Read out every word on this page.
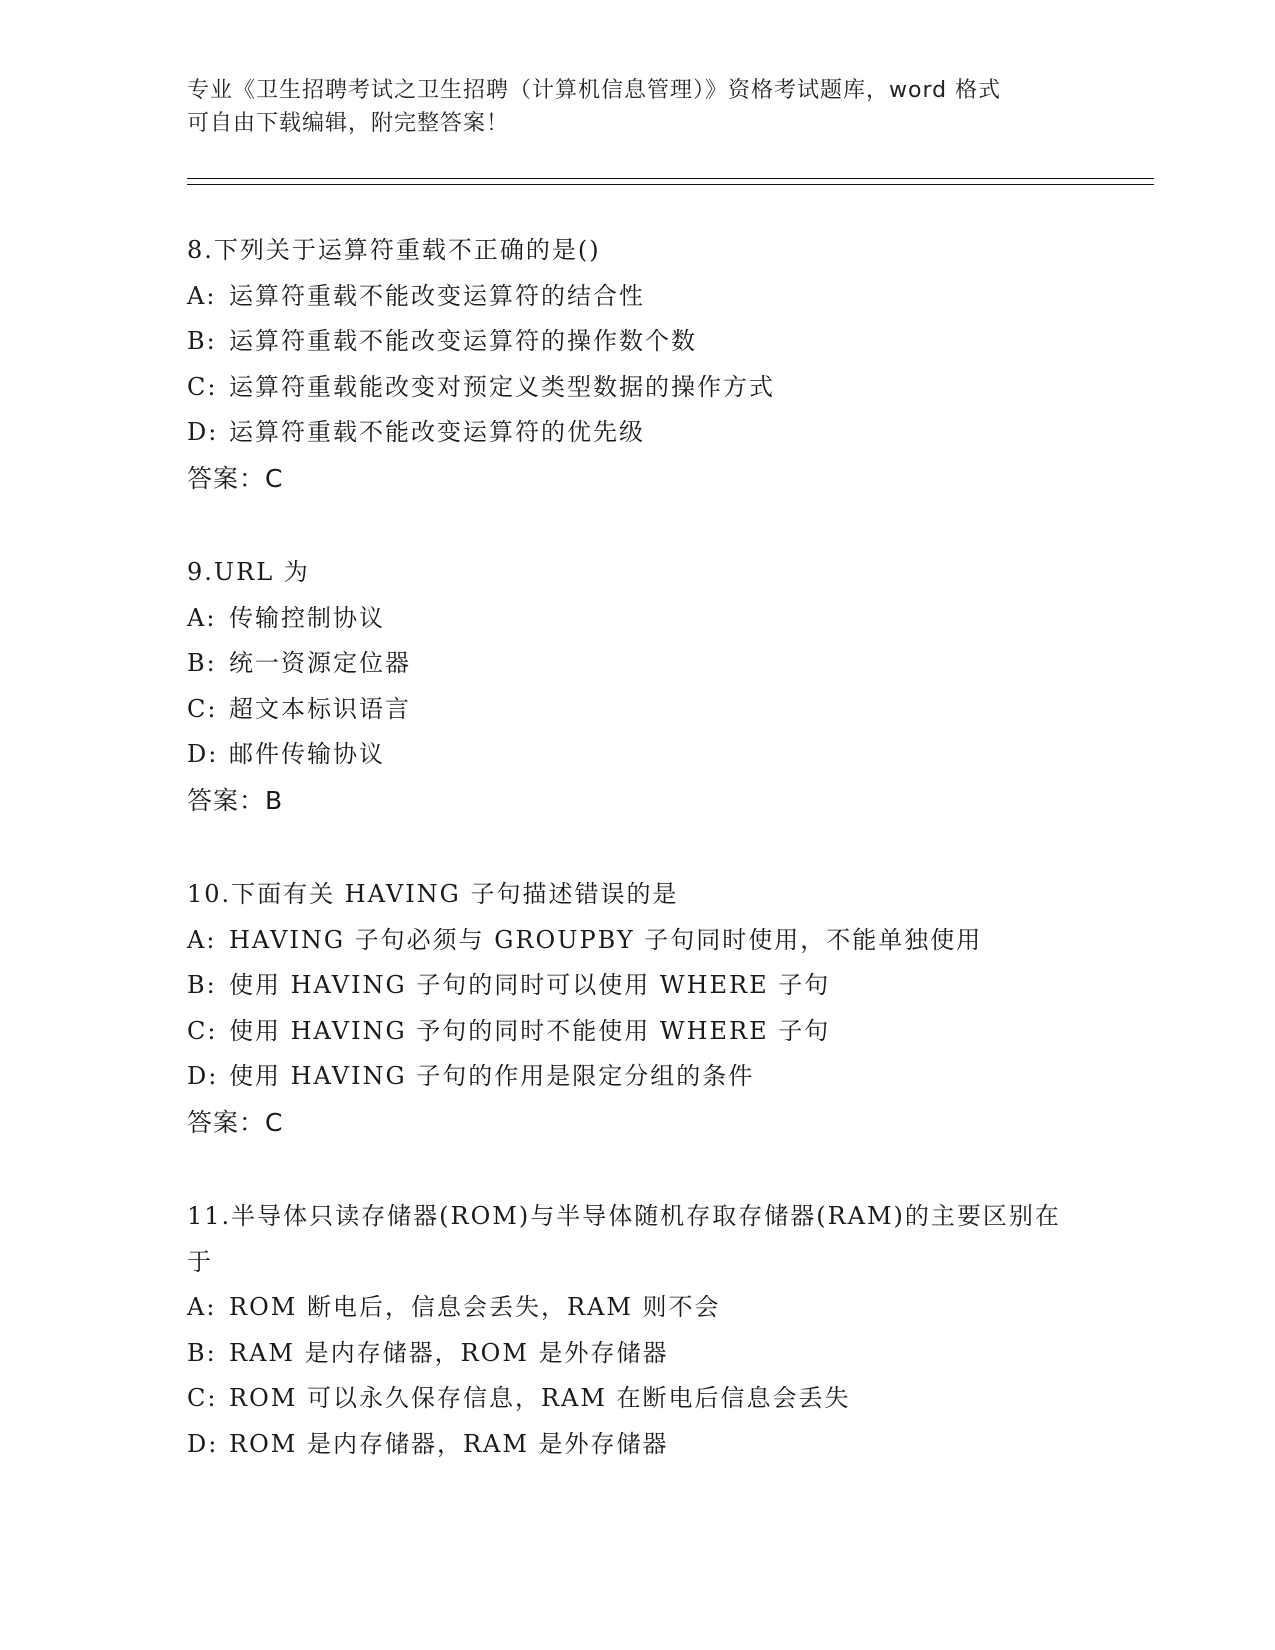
专业《卫生招聘考试之卫生招聘（计算机信息管理）》资格考试题库，word 格式

可自由下载编辑，附完整答案！

8.下列关于运算符重载不正确的是()
A: 运算符重载不能改变运算符的结合性
B: 运算符重载不能改变运算符的操作数个数
C: 运算符重载能改变对预定义类型数据的操作方式
D: 运算符重载不能改变运算符的优先级
答案：C
9.URL 为
A: 传输控制协议
B: 统一资源定位器
C: 超文本标识语言
D: 邮件传输协议
答案：B
10.下面有关 HAVING 子句描述错误的是
A: HAVING 子句必须与 GROUPBY 子句同时使用，不能单独使用
B: 使用 HAVING 子句的同时可以使用 WHERE 子句
C: 使用 HAVING 予句的同时不能使用 WHERE 子句
D: 使用 HAVING 子句的作用是限定分组的条件
答案：C
11.半导体只读存储器(ROM)与半导体随机存取存储器(RAM)的主要区别在于
A: ROM 断电后，信息会丢失，RAM 则不会
B: RAM 是内存储器，ROM 是外存储器
C: ROM 可以永久保存信息，RAM 在断电后信息会丢失
D: ROM 是内存储器，RAM 是外存储器
